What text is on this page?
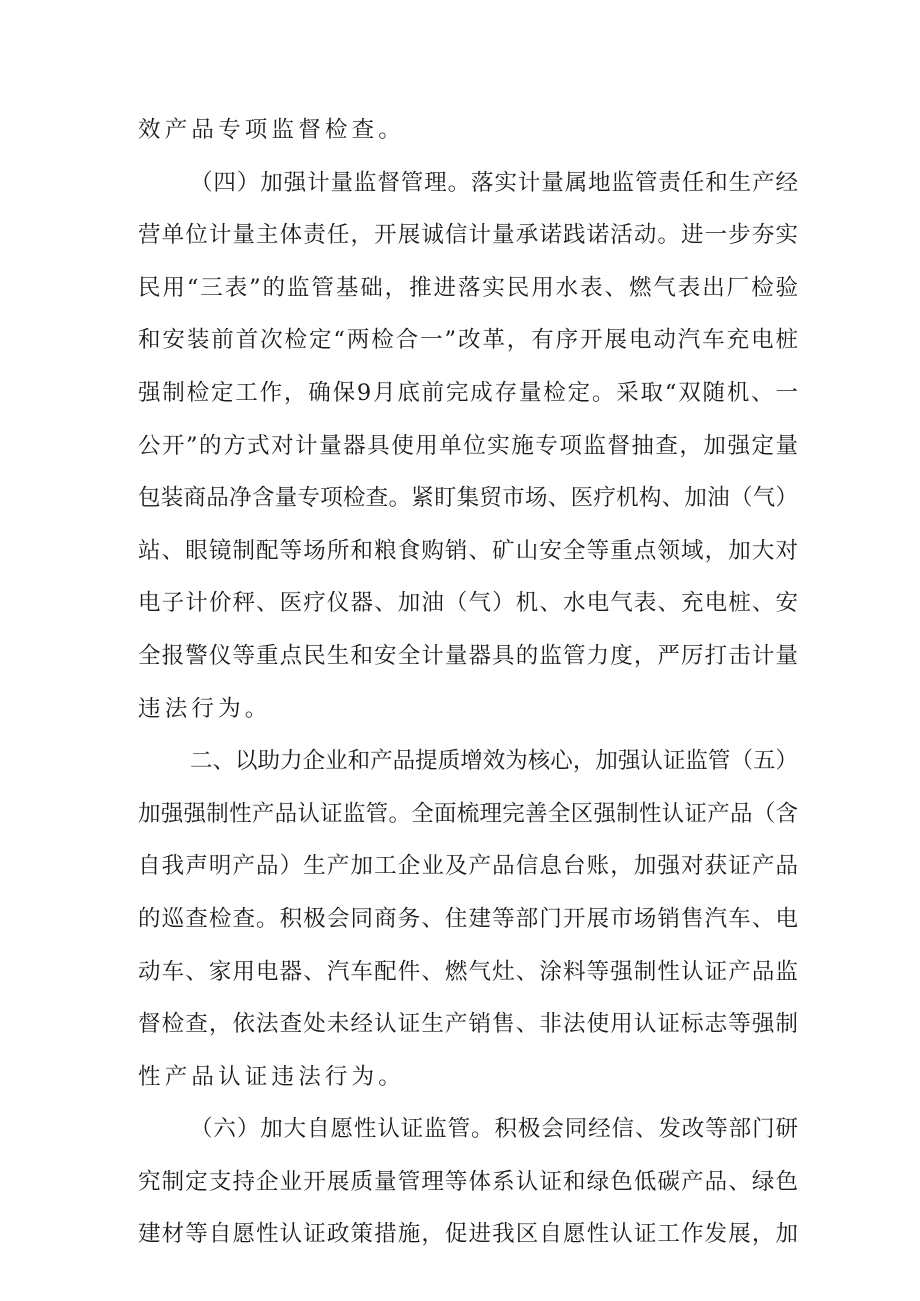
效产品专项监督检查。
（四）加强计量监督管理。落实计量属地监管责任和生产经
营单位计量主体责任，开展诚信计量承诺践诺活动。进一步夯实
民用“三表”的监管基础，推进落实民用水表、燃气表出厂检验
和安装前首次检定“两检合一”改革，有序开展电动汽车充电桩
强制检定工作，确保9月底前完成存量检定。采取“双随机、一
公开”的方式对计量器具使用单位实施专项监督抽查，加强定量
包装商品净含量专项检查。紧盯集贸市场、医疗机构、加油（气）
站、眼镜制配等场所和粮食购销、矿山安全等重点领域，加大对
电子计价秤、医疗仪器、加油（气）机、水电气表、充电桩、安
全报警仪等重点民生和安全计量器具的监管力度，严厉打击计量
违法行为。
二、以助力企业和产品提质增效为核心，加强认证监管（五）
加强强制性产品认证监管。全面梳理完善全区强制性认证产品（含
自我声明产品）生产加工企业及产品信息台账，加强对获证产品
的巡查检查。积极会同商务、住建等部门开展市场销售汽车、电
动车、家用电器、汽车配件、燃气灶、涂料等强制性认证产品监
督检查，依法查处未经认证生产销售、非法使用认证标志等强制
性产品认证违法行为。
（六）加大自愿性认证监管。积极会同经信、发改等部门研
究制定支持企业开展质量管理等体系认证和绿色低碳产品、绿色
建材等自愿性认证政策措施，促进我区自愿性认证工作发展，加
